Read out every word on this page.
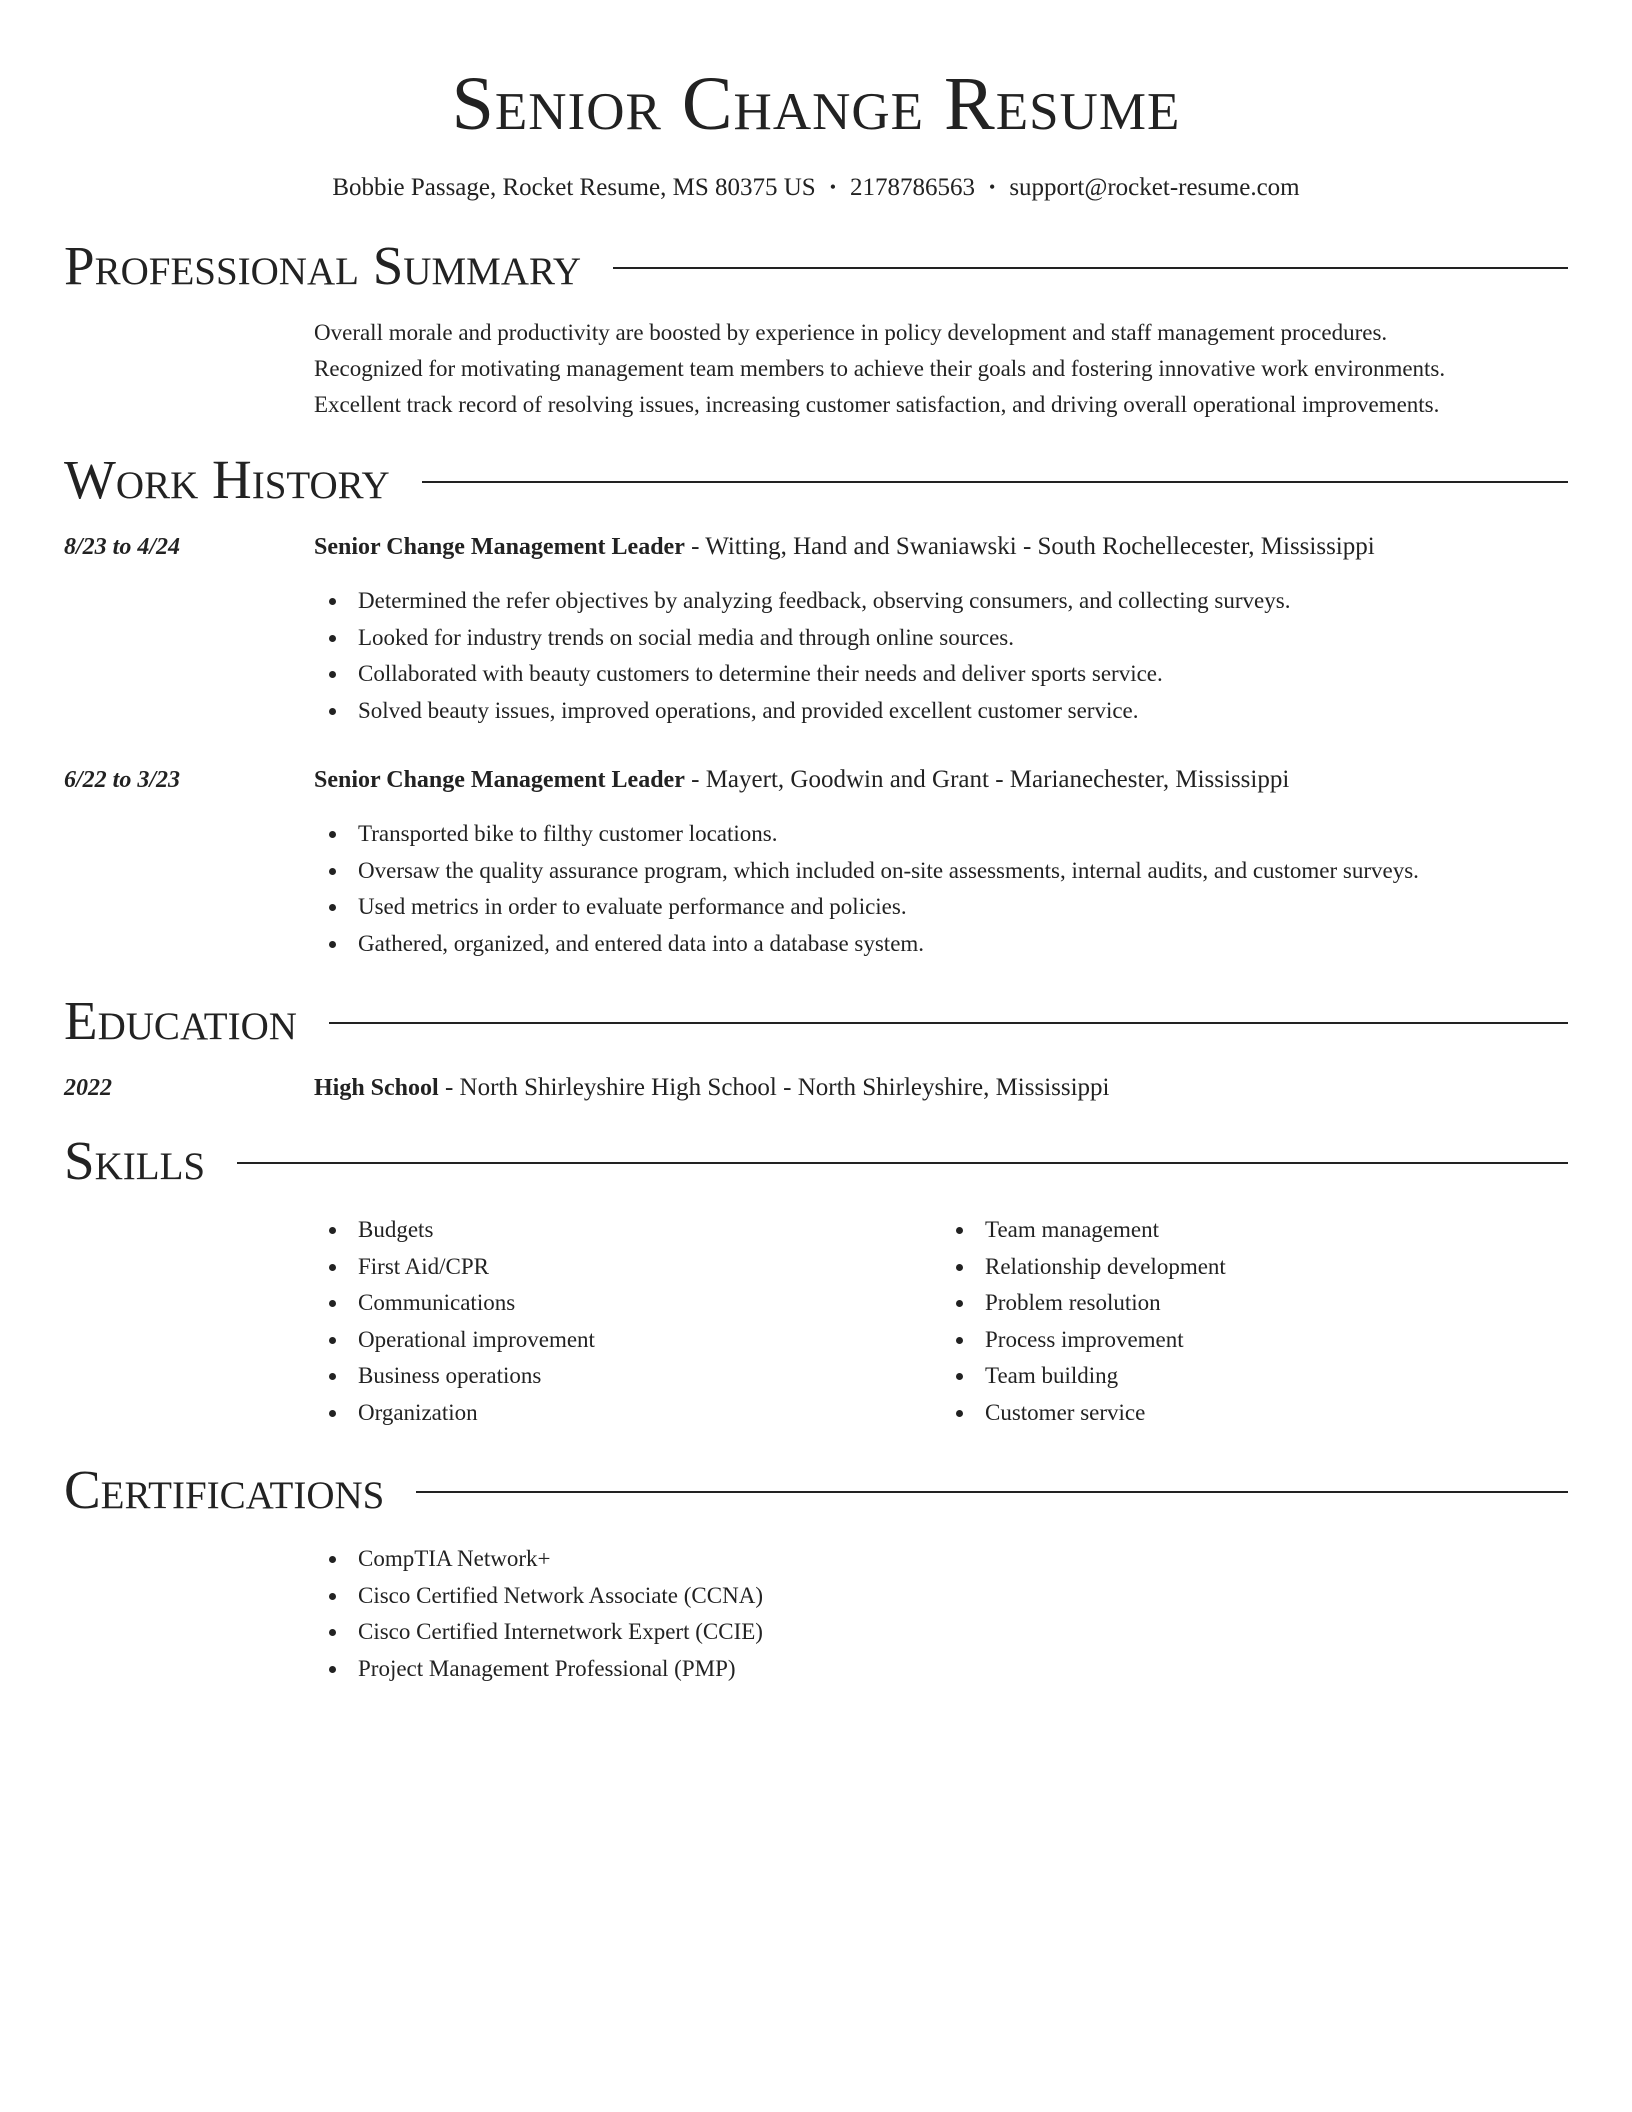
Senior Change Resume
Bobbie Passage, Rocket Resume, MS 80375 US • 2178786563 • support@rocket-resume.com
Professional Summary
Overall morale and productivity are boosted by experience in policy development and staff management procedures.
Recognized for motivating management team members to achieve their goals and fostering innovative work environments.
Excellent track record of resolving issues, increasing customer satisfaction, and driving overall operational improvements.
Work History
8/23 to 4/24	Senior Change Management Leader - Witting, Hand and Swaniawski - South Rochellecester, Mississippi
Determined the refer objectives by analyzing feedback, observing consumers, and collecting surveys.
Looked for industry trends on social media and through online sources.
Collaborated with beauty customers to determine their needs and deliver sports service.
Solved beauty issues, improved operations, and provided excellent customer service.
6/22 to 3/23	Senior Change Management Leader - Mayert, Goodwin and Grant - Marianechester, Mississippi
Transported bike to filthy customer locations.
Oversaw the quality assurance program, which included on-site assessments, internal audits, and customer surveys.
Used metrics in order to evaluate performance and policies.
Gathered, organized, and entered data into a database system.
Education
2022	High School - North Shirleyshire High School - North Shirleyshire, Mississippi
Skills
Budgets
First Aid/CPR
Communications
Operational improvement
Business operations
Organization
Team management
Relationship development
Problem resolution
Process improvement
Team building
Customer service
Certifications
CompTIA Network+
Cisco Certified Network Associate (CCNA)
Cisco Certified Internetwork Expert (CCIE)
Project Management Professional (PMP)
